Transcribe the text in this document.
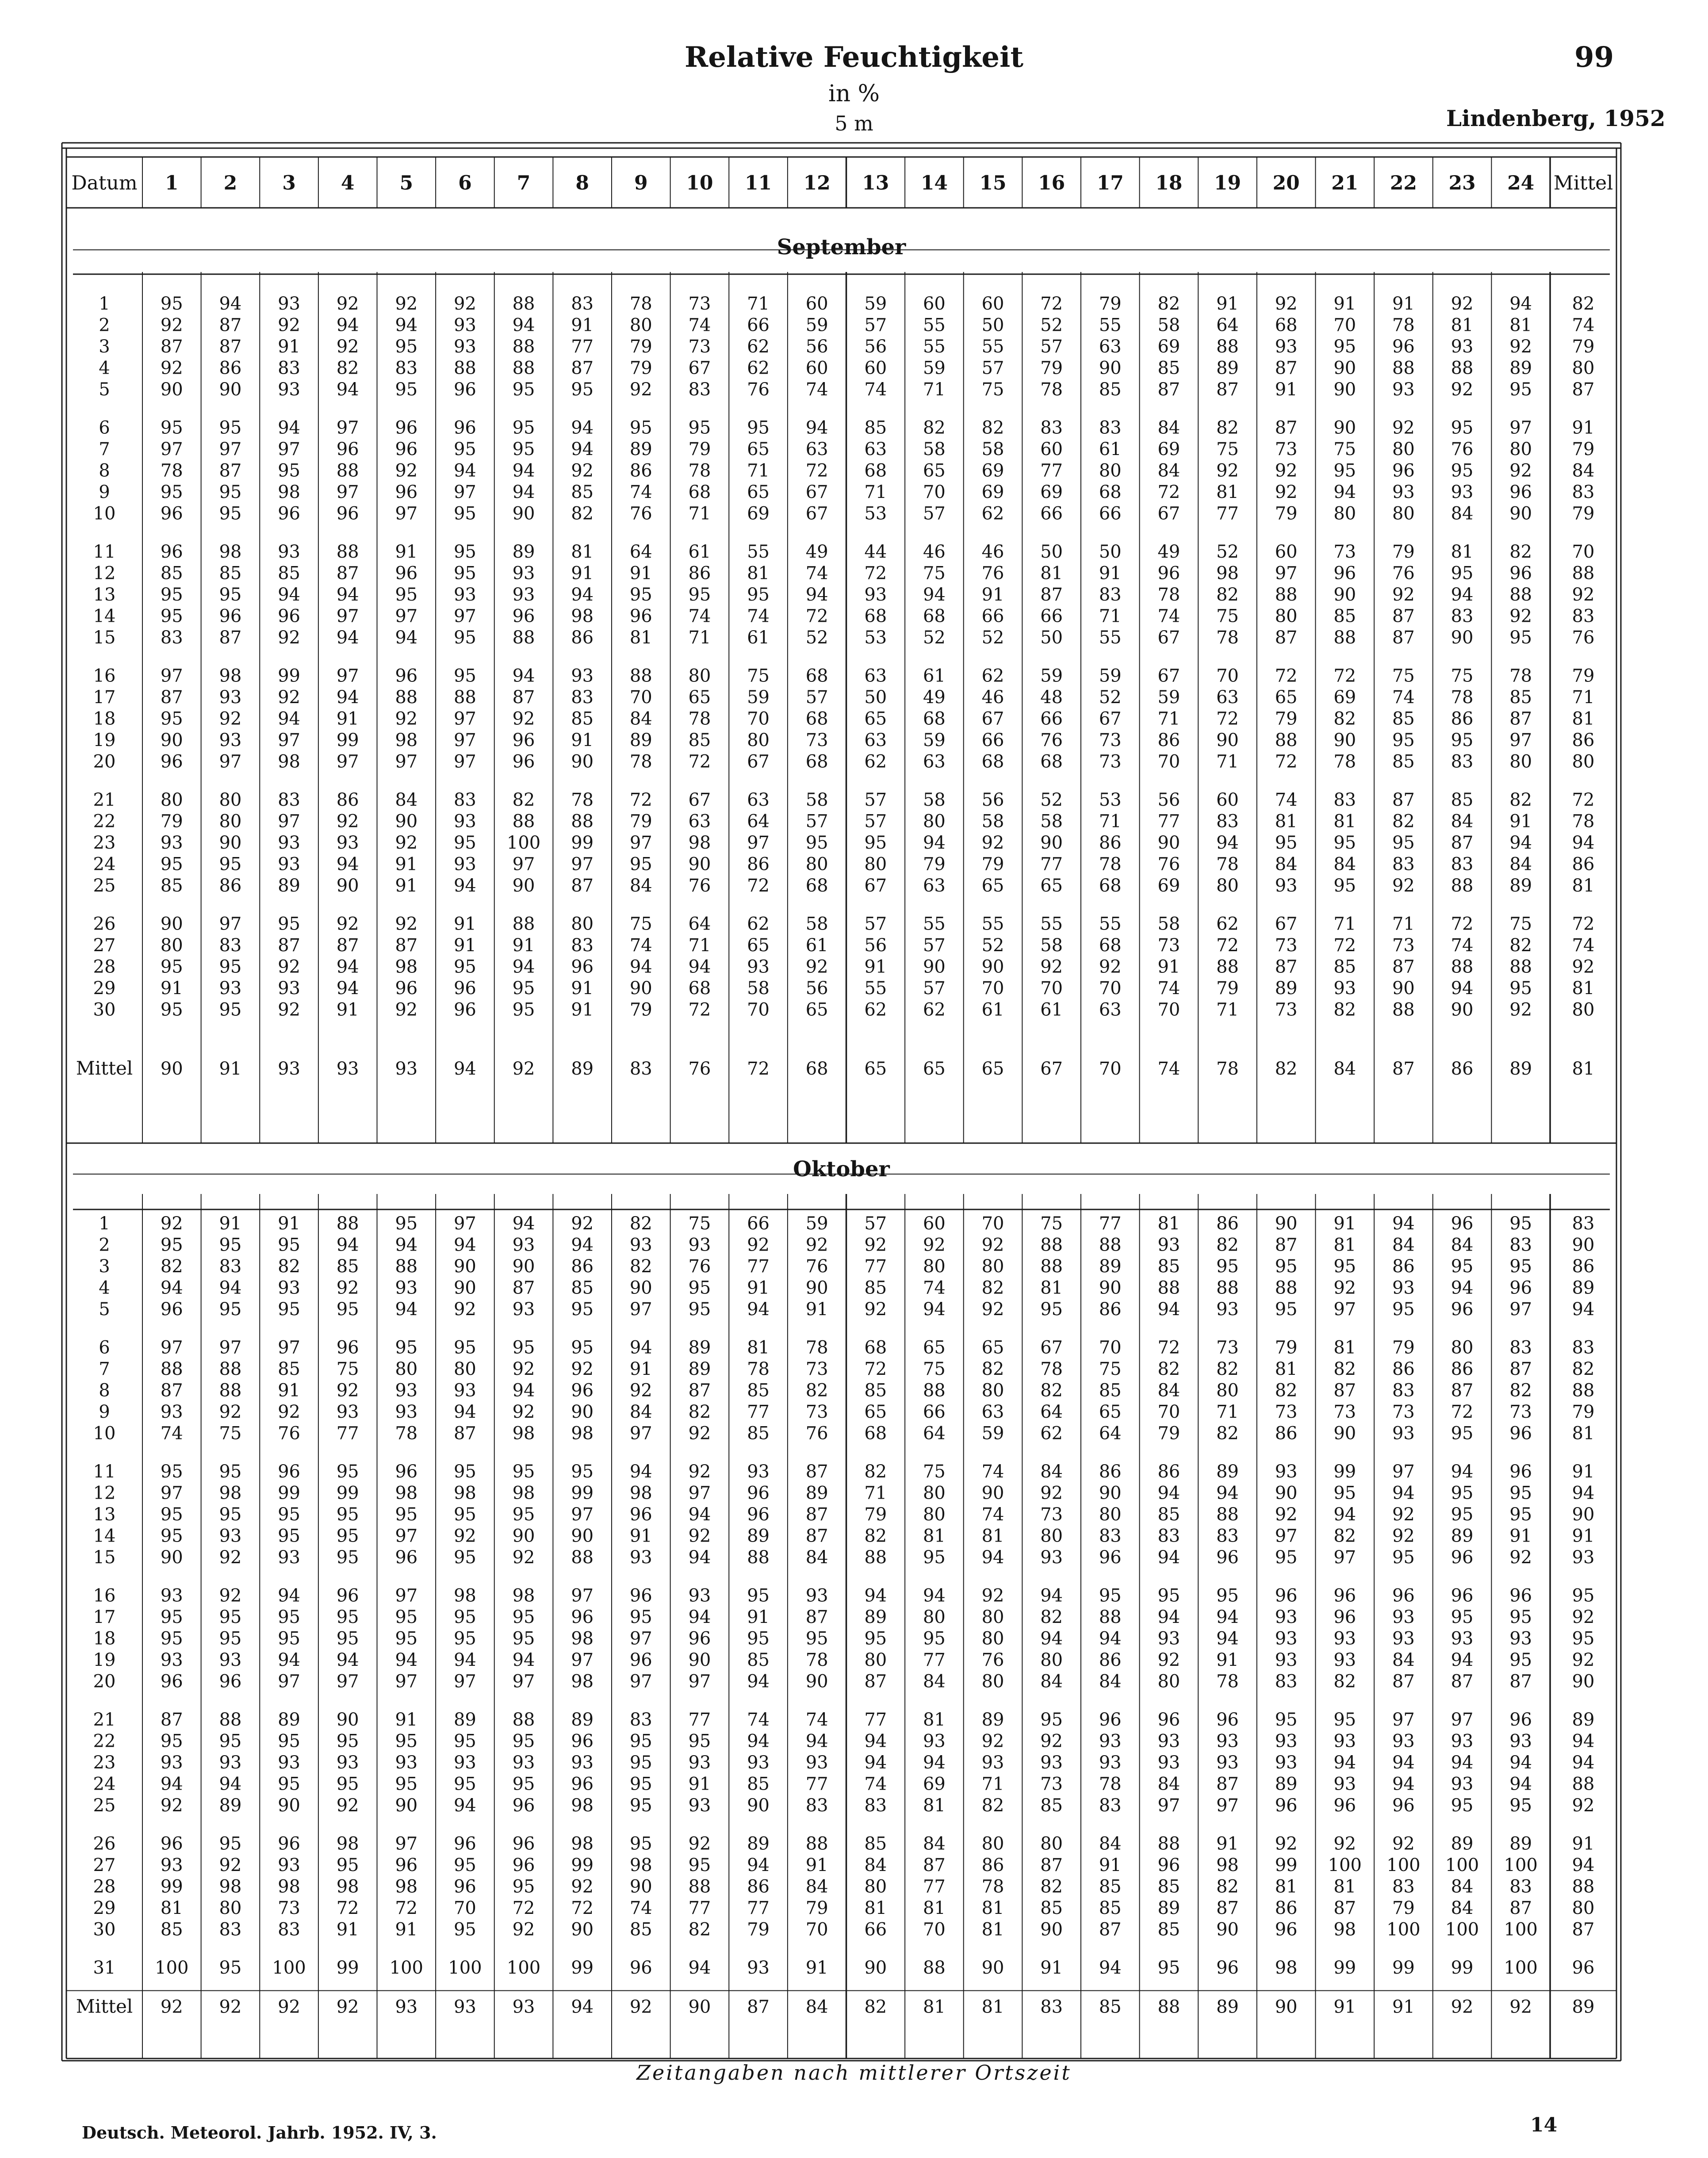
Relative Feuchtigkeit
in %
5 m
99
Lindenberg, 1952
Datum 1 2 3 4 5 6 7 8 9 10 11 12 13 14 15 16 17 18 19 20 21 22 23 24 Mittel
September
1	95 94 93 92 92 92 88 83 78 73 71 60 59 60 60 72 79 82 91 92 91 91 92 94 82
2	92 87 92 94 94 93 94 91 80 74 66 59 57 55 50 52 55 58 64 68 70 78 81 81 74
3	87 87 91 92 95 93 88 77 79 73 62 56 56 55 55 57 63 69 88 93 95 96 93 92 79
4	92 86 83 82 83 88 88 87 79 67 62 60 60 59 57 79 90 85 89 87 90 88 88 89 80
5	90 90 93 94 95 96 95 95 92 83 76 74 74 71 75 78 85 87 87 91 90 93 92 95 87
6	95 95 94 97 96 96 95 94 95 95 95 94 85 82 82 83 83 84 82 87 90 92 95 97 91
7	97 97 97 96 96 95 95 94 89 79 65 63 63 58 58 60 61 69 75 73 75 80 76 80 79
8	78 87 95 88 92 94 94 92 86 78 71 72 68 65 69 77 80 84 92 92 95 96 95 92 84
9	95 95 98 97 96 97 94 85 74 68 65 67 71 70 69 69 68 72 81 92 94 93 93 96 83
10	96 95 96 96 97 95 90 82 76 71 69 67 53 57 62 66 66 67 77 79 80 80 84 90 79
11	96 98 93 88 91 95 89 81 64 61 55 49 44 46 46 50 50 49 52 60 73 79 81 82 70
12	85 85 85 87 96 95 93 91 91 86 81 74 72 75 76 81 91 96 98 97 96 76 95 96 88
13	95 95 94 94 95 93 93 94 95 95 95 94 93 94 91 87 83 78 82 88 90 92 94 88 92
14	95 96 96 97 97 97 96 98 96 74 74 72 68 68 66 66 71 74 75 80 85 87 83 92 83
15	83 87 92 94 94 95 88 86 81 71 61 52 53 52 52 50 55 67 78 87 88 87 90 95 76
16	97 98 99 97 96 95 94 93 88 80 75 68 63 61 62 59 59 67 70 72 72 75 75 78 79
17	87 93 92 94 88 88 87 83 70 65 59 57 50 49 46 48 52 59 63 65 69 74 78 85 71
18	95 92 94 91 92 97 92 85 84 78 70 68 65 68 67 66 67 71 72 79 82 85 86 87 81
19	90 93 97 99 98 97 96 91 89 85 80 73 63 59 66 76 73 86 90 88 90 95 95 97 86
20	96 97 98 97 97 97 96 90 78 72 67 68 62 63 68 68 73 70 71 72 78 85 83 80 80
21	80 80 83 86 84 83 82 78 72 67 63 58 57 58 56 52 53 56 60 74 83 87 85 82 72
22	79 80 97 92 90 93 88 88 79 63 64 57 57 80 58 58 71 77 83 81 81 82 84 91 78
23	93 90 93 93 92 95 100 99 97 98 97 95 95 94 92 90 86 90 94 95 95 95 87 94 94
24	95 95 93 94 91 93 97 97 95 90 86 80 80 79 79 77 78 76 78 84 84 83 83 84 86
25	85 86 89 90 91 94 90 87 84 76 72 68 67 63 65 65 68 69 80 93 95 92 88 89 81
26	90 97 95 92 92 91 88 80 75 64 62 58 57 55 55 55 55 58 62 67 71 71 72 75 72
27	80 83 87 87 87 91 91 83 74 71 65 61 56 57 52 58 68 73 72 73 72 73 74 82 74
28	95 95 92 94 98 95 94 96 94 94 93 92 91 90 90 92 92 91 88 87 85 87 88 88 92
29	91 93 93 94 96 96 95 91 90 68 58 56 55 57 70 70 70 74 79 89 93 90 94 95 81
30	95 95 92 91 92 96 95 91 79 72 70 65 62 62 61 61 63 70 71 73 82 88 90 92 80
Mittel 90 91 93 93 93 94 92 89 83 76 72 68 65 65 65 67 70 74 78 82 84 87 86 89 81
Oktober
1	92 91 91 88 95 97 94 92 82 75 66 59 57 60 70 75 77 81 86 90 91 94 96 95 83
2	95 95 95 94 94 94 93 94 93 93 92 92 92 92 92 88 88 93 82 87 81 84 84 83 90
3	82 83 82 85 88 90 90 86 82 76 77 76 77 80 80 88 89 85 95 95 95 86 95 95 86
4	94 94 93 92 93 90 87 85 90 95 91 90 85 74 82 81 90 88 88 88 92 93 94 96 89
5	96 95 95 95 94 92 93 95 97 95 94 91 92 94 92 95 86 94 93 95 97 95 96 97 94
6	97 97 97 96 95 95 95 95 94 89 81 78 68 65 65 67 70 72 73 79 81 79 80 83 83
7	88 88 85 75 80 80 92 92 91 89 78 73 72 75 82 78 75 82 82 81 82 86 86 87 82
8	87 88 91 92 93 93 94 96 92 87 85 82 85 88 80 82 85 84 80 82 87 83 87 82 88
9	93 92 92 93 93 94 92 90 84 82 77 73 65 66 63 64 65 70 71 73 73 73 72 73 79
10	74 75 76 77 78 87 98 98 97 92 85 76 68 64 59 62 64 79 82 86 90 93 95 96 81
11	95 95 96 95 96 95 95 95 94 92 93 87 82 75 74 84 86 86 89 93 99 97 94 96 91
12	97 98 99 99 98 98 98 99 98 97 96 89 71 80 90 92 90 94 94 90 95 94 95 95 94
13	95 95 95 95 95 95 95 97 96 94 96 87 79 80 74 73 80 85 88 92 94 92 95 95 90
14	95 93 95 95 97 92 90 90 91 92 89 87 82 81 81 80 83 83 83 97 82 92 89 91 91
15	90 92 93 95 96 95 92 88 93 94 88 84 88 95 94 93 96 94 96 95 97 95 96 92 93
16	93 92 94 96 97 98 98 97 96 93 95 93 94 94 92 94 95 95 95 96 96 96 96 96 95
17	95 95 95 95 95 95 95 96 95 94 91 87 89 80 80 82 88 94 94 93 96 93 95 95 92
18	95 95 95 95 95 95 95 98 97 96 95 95 95 95 80 94 94 93 94 93 93 93 93 93 95
19	93 93 94 94 94 94 94 97 96 90 85 78 80 77 76 80 86 92 91 93 93 84 94 95 92
20	96 96 97 97 97 97 97 98 97 97 94 90 87 84 80 84 84 80 78 83 82 87 87 87 90
21	87 88 89 90 91 89 88 89 83 77 74 74 77 81 89 95 96 96 96 95 95 97 97 96 89
22	95 95 95 95 95 95 95 96 95 95 94 94 94 93 92 92 93 93 93 93 93 93 93 93 94
23	93 93 93 93 93 93 93 93 95 93 93 93 94 94 93 93 93 93 93 93 94 94 94 94 94
24	94 94 95 95 95 95 95 96 95 91 85 77 74 69 71 73 78 84 87 89 93 94 93 94 88
25	92 89 90 92 90 94 96 98 95 93 90 83 83 81 82 85 83 97 97 96 96 96 95 95 92
26	96 95 96 98 97 96 96 98 95 92 89 88 85 84 80 80 84 88 91 92 92 92 89 89 91
27	93 92 93 95 96 95 96 99 98 95 94 91 84 87 86 87 91 96 98 99 100 100 100 100 94
28	99 98 98 98 98 96 95 92 90 88 86 84 80 77 78 82 85 85 82 81 81 83 84 83 88
29	81 80 73 72 72 70 72 72 74 77 77 79 81 81 81 85 85 89 87 86 87 79 84 87 80
30	85 83 83 91 91 95 92 90 85 82 79 70 66 70 81 90 87 85 90 96 98 100 100 100 87
31 100 95 100 99 100 100 100 99 96 94 93 91 90 88 90 91 94 95 96 98 99 99 99 100 96
Mittel 92 92 92 92 93 93 93 94 92 90 87 84 82 81 81 83 85 88 89 90 91 91 92 92 89
Zeitangaben nach mittlerer Ortszeit
Deutsch. Meteorol. Jahrb. 1952. IV, 3.	14
